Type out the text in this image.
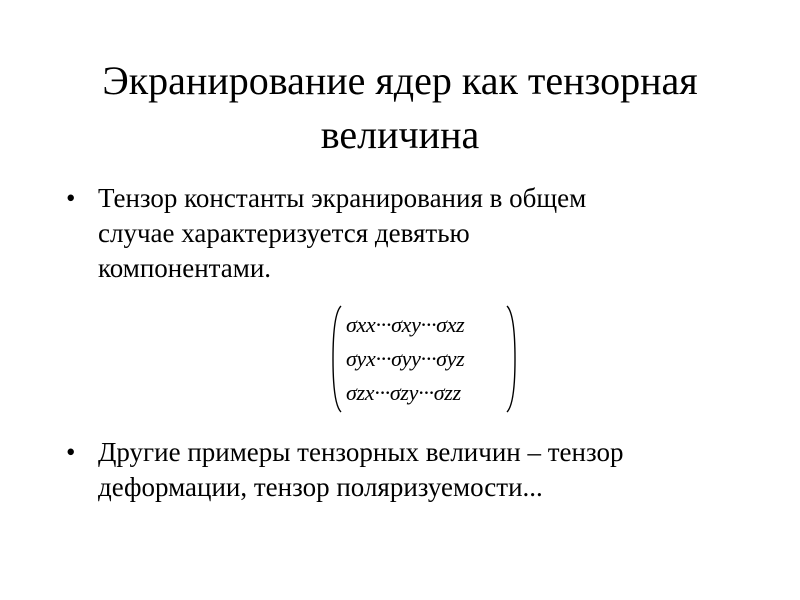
Экранирование ядер как тензорная величина
• Тензор константы экранирования в общем
случае характеризуется девятью
компонентами.
σxx···σxy···σxz
σyx···σyy···σyz
σzx···σzy···σzz
• Другие примеры тензорных величин – тензор
деформации, тензор поляризуемости...
